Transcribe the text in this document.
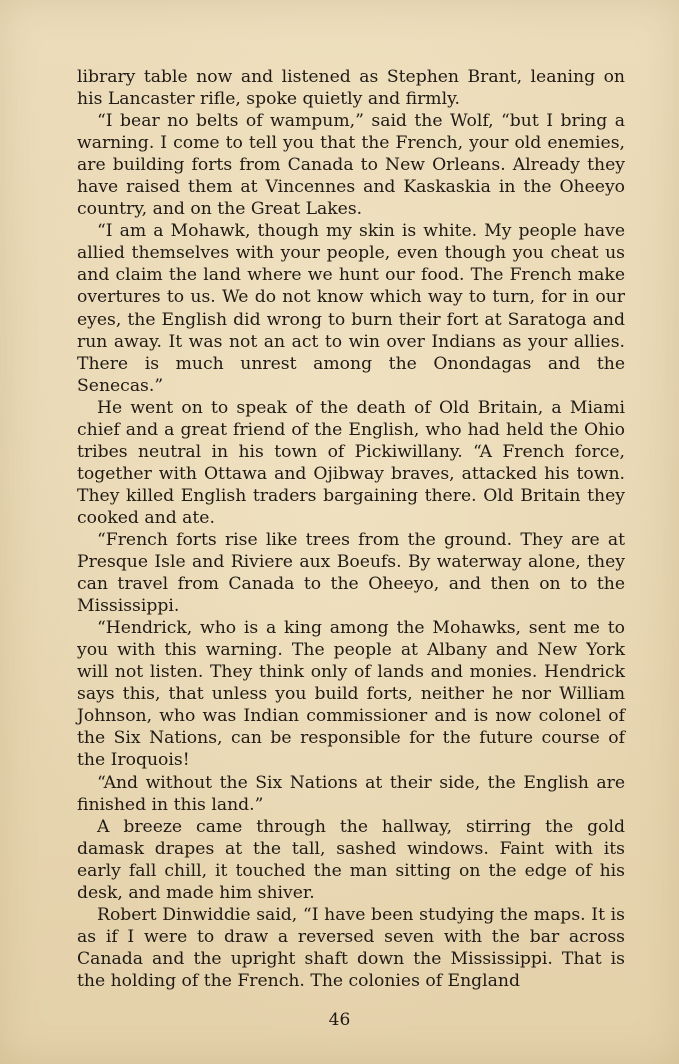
library table now and listened as Stephen Brant, leaning on his Lancaster rifle, spoke quietly and firmly.

“I bear no belts of wampum,” said the Wolf, “but I bring a warning. I come to tell you that the French, your old enemies, are building forts from Canada to New Orleans. Already they have raised them at Vincennes and Kaskaskia in the Oheeyo country, and on the Great Lakes.

“I am a Mohawk, though my skin is white. My people have allied themselves with your people, even though you cheat us and claim the land where we hunt our food. The French make overtures to us. We do not know which way to turn, for in our eyes, the English did wrong to burn their fort at Saratoga and run away. It was not an act to win over Indians as your allies. There is much unrest among the Onondagas and the Senecas.”

He went on to speak of the death of Old Britain, a Miami chief and a great friend of the English, who had held the Ohio tribes neutral in his town of Pickiwillany. “A French force, together with Ottawa and Ojibway braves, attacked his town. They killed English traders bargaining there. Old Britain they cooked and ate.

“French forts rise like trees from the ground. They are at Presque Isle and Riviere aux Boeufs. By waterway alone, they can travel from Canada to the Oheeyo, and then on to the Mississippi.

“Hendrick, who is a king among the Mohawks, sent me to you with this warning. The people at Albany and New York will not listen. They think only of lands and monies. Hendrick says this, that unless you build forts, neither he nor William Johnson, who was Indian commissioner and is now colonel of the Six Nations, can be responsible for the future course of the Iroquois!

“And without the Six Nations at their side, the English are finished in this land.”

A breeze came through the hallway, stirring the gold damask drapes at the tall, sashed windows. Faint with its early fall chill, it touched the man sitting on the edge of his desk, and made him shiver.

Robert Dinwiddie said, “I have been studying the maps. It is as if I were to draw a reversed seven with the bar across Canada and the upright shaft down the Mississippi. That is the holding of the French. The colonies of England

46
